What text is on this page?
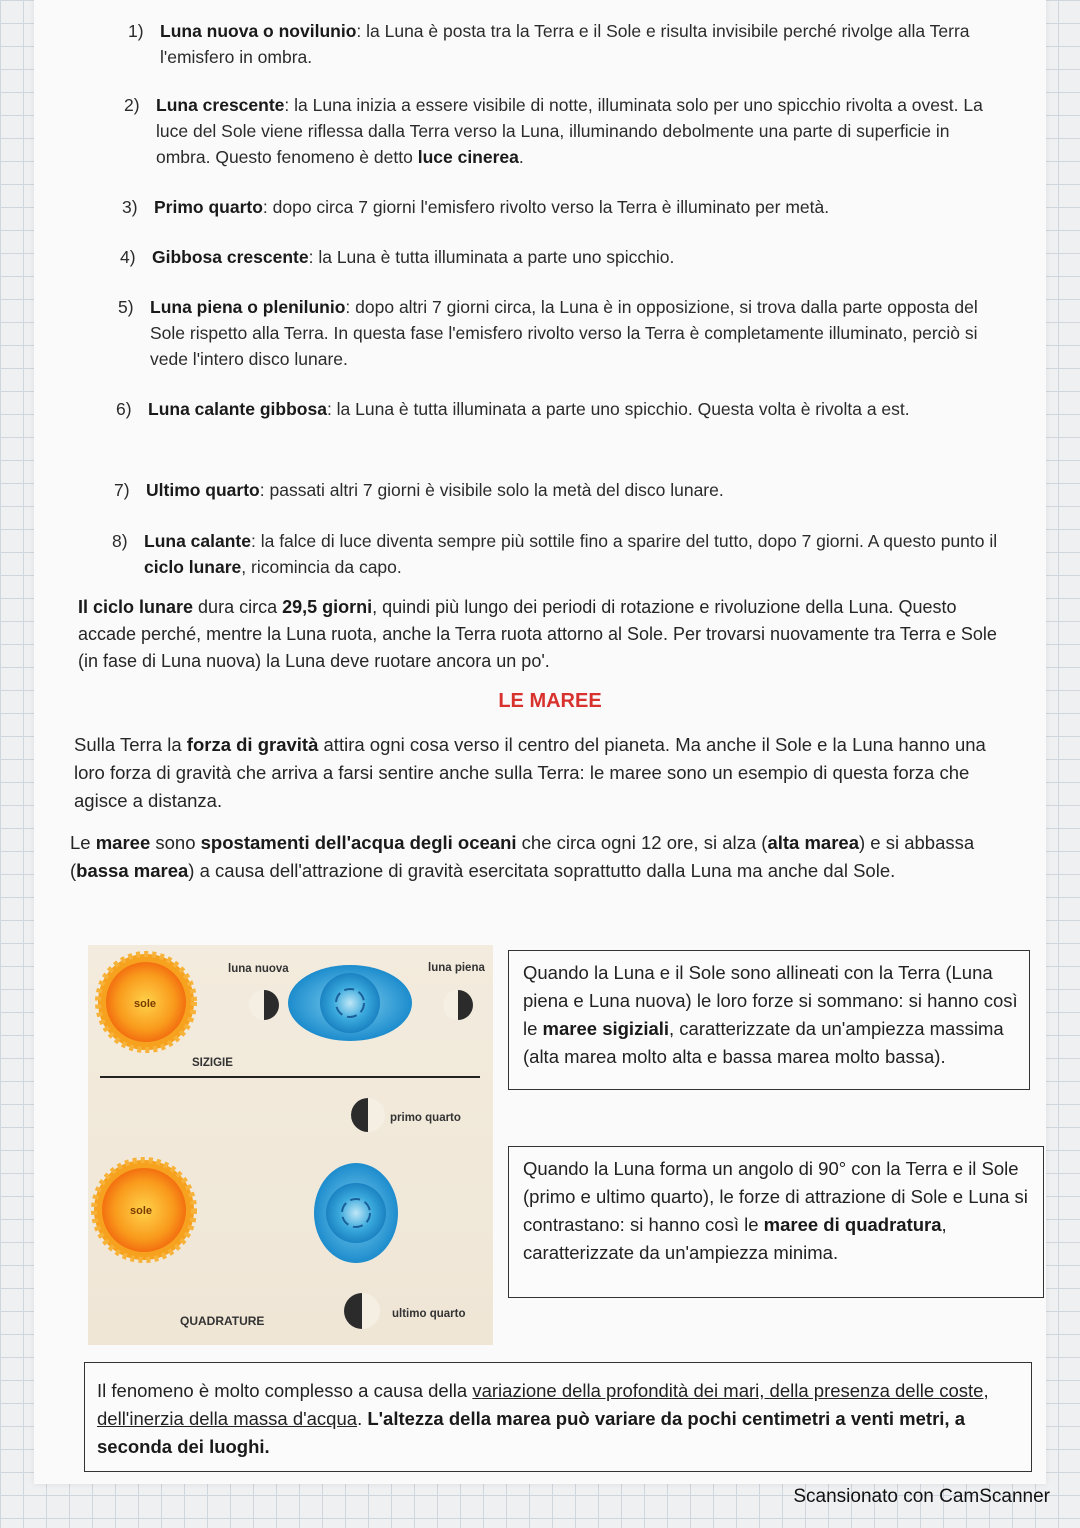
1) Luna nuova o novilunio: la Luna è posta tra la Terra e il Sole e risulta invisibile perché rivolge alla Terra l'emisfero in ombra.
2) Luna crescente: la Luna inizia a essere visibile di notte, illuminata solo per uno spicchio rivolta a ovest. La luce del Sole viene riflessa dalla Terra verso la Luna, illuminando debolmente una parte di superficie in ombra. Questo fenomeno è detto luce cinerea.
3) Primo quarto: dopo circa 7 giorni l'emisfero rivolto verso la Terra è illuminato per metà.
4) Gibbosa crescente: la Luna è tutta illuminata a parte uno spicchio.
5) Luna piena o plenilunio: dopo altri 7 giorni circa, la Luna è in opposizione, si trova dalla parte opposta del Sole rispetto alla Terra. In questa fase l'emisfero rivolto verso la Terra è completamente illuminato, perciò si vede l'intero disco lunare.
6) Luna calante gibbosa: la Luna è tutta illuminata a parte uno spicchio. Questa volta è rivolta a est.
7) Ultimo quarto: passati altri 7 giorni è visibile solo la metà del disco lunare.
8) Luna calante: la falce di luce diventa sempre più sottile fino a sparire del tutto, dopo 7 giorni. A questo punto il ciclo lunare, ricomincia da capo.
Il ciclo lunare dura circa 29,5 giorni, quindi più lungo dei periodi di rotazione e rivoluzione della Luna. Questo accade perché, mentre la Luna ruota, anche la Terra ruota attorno al Sole. Per trovarsi nuovamente tra Terra e Sole (in fase di Luna nuova) la Luna deve ruotare ancora un po'.
LE MAREE
Sulla Terra la forza di gravità attira ogni cosa verso il centro del pianeta. Ma anche il Sole e la Luna hanno una loro forza di gravità che arriva a farsi sentire anche sulla Terra: le maree sono un esempio di questa forza che agisce a distanza.
Le maree sono spostamenti dell'acqua degli oceani che circa ogni 12 ore, si alza (alta marea) e si abbassa (bassa marea) a causa dell'attrazione di gravità esercitata soprattutto dalla Luna ma anche dal Sole.
sole
luna nuova	luna piena
SIZIGIE
primo quarto
sole
ultimo quarto
QUADRATURE
Quando la Luna e il Sole sono allineati con la Terra (Luna piena e Luna nuova) le loro forze si sommano: si hanno così le maree sigiziali, caratterizzate da un'ampiezza massima (alta marea molto alta e bassa marea molto bassa).
Quando la Luna forma un angolo di 90° con la Terra e il Sole (primo e ultimo quarto), le forze di attrazione di Sole e Luna si contrastano: si hanno così le maree di quadratura, caratterizzate da un'ampiezza minima.
Il fenomeno è molto complesso a causa della variazione della profondità dei mari, della presenza delle coste, dell'inerzia della massa d'acqua. L'altezza della marea può variare da pochi centimetri a venti metri, a seconda dei luoghi.
Scansionato con CamScanner
